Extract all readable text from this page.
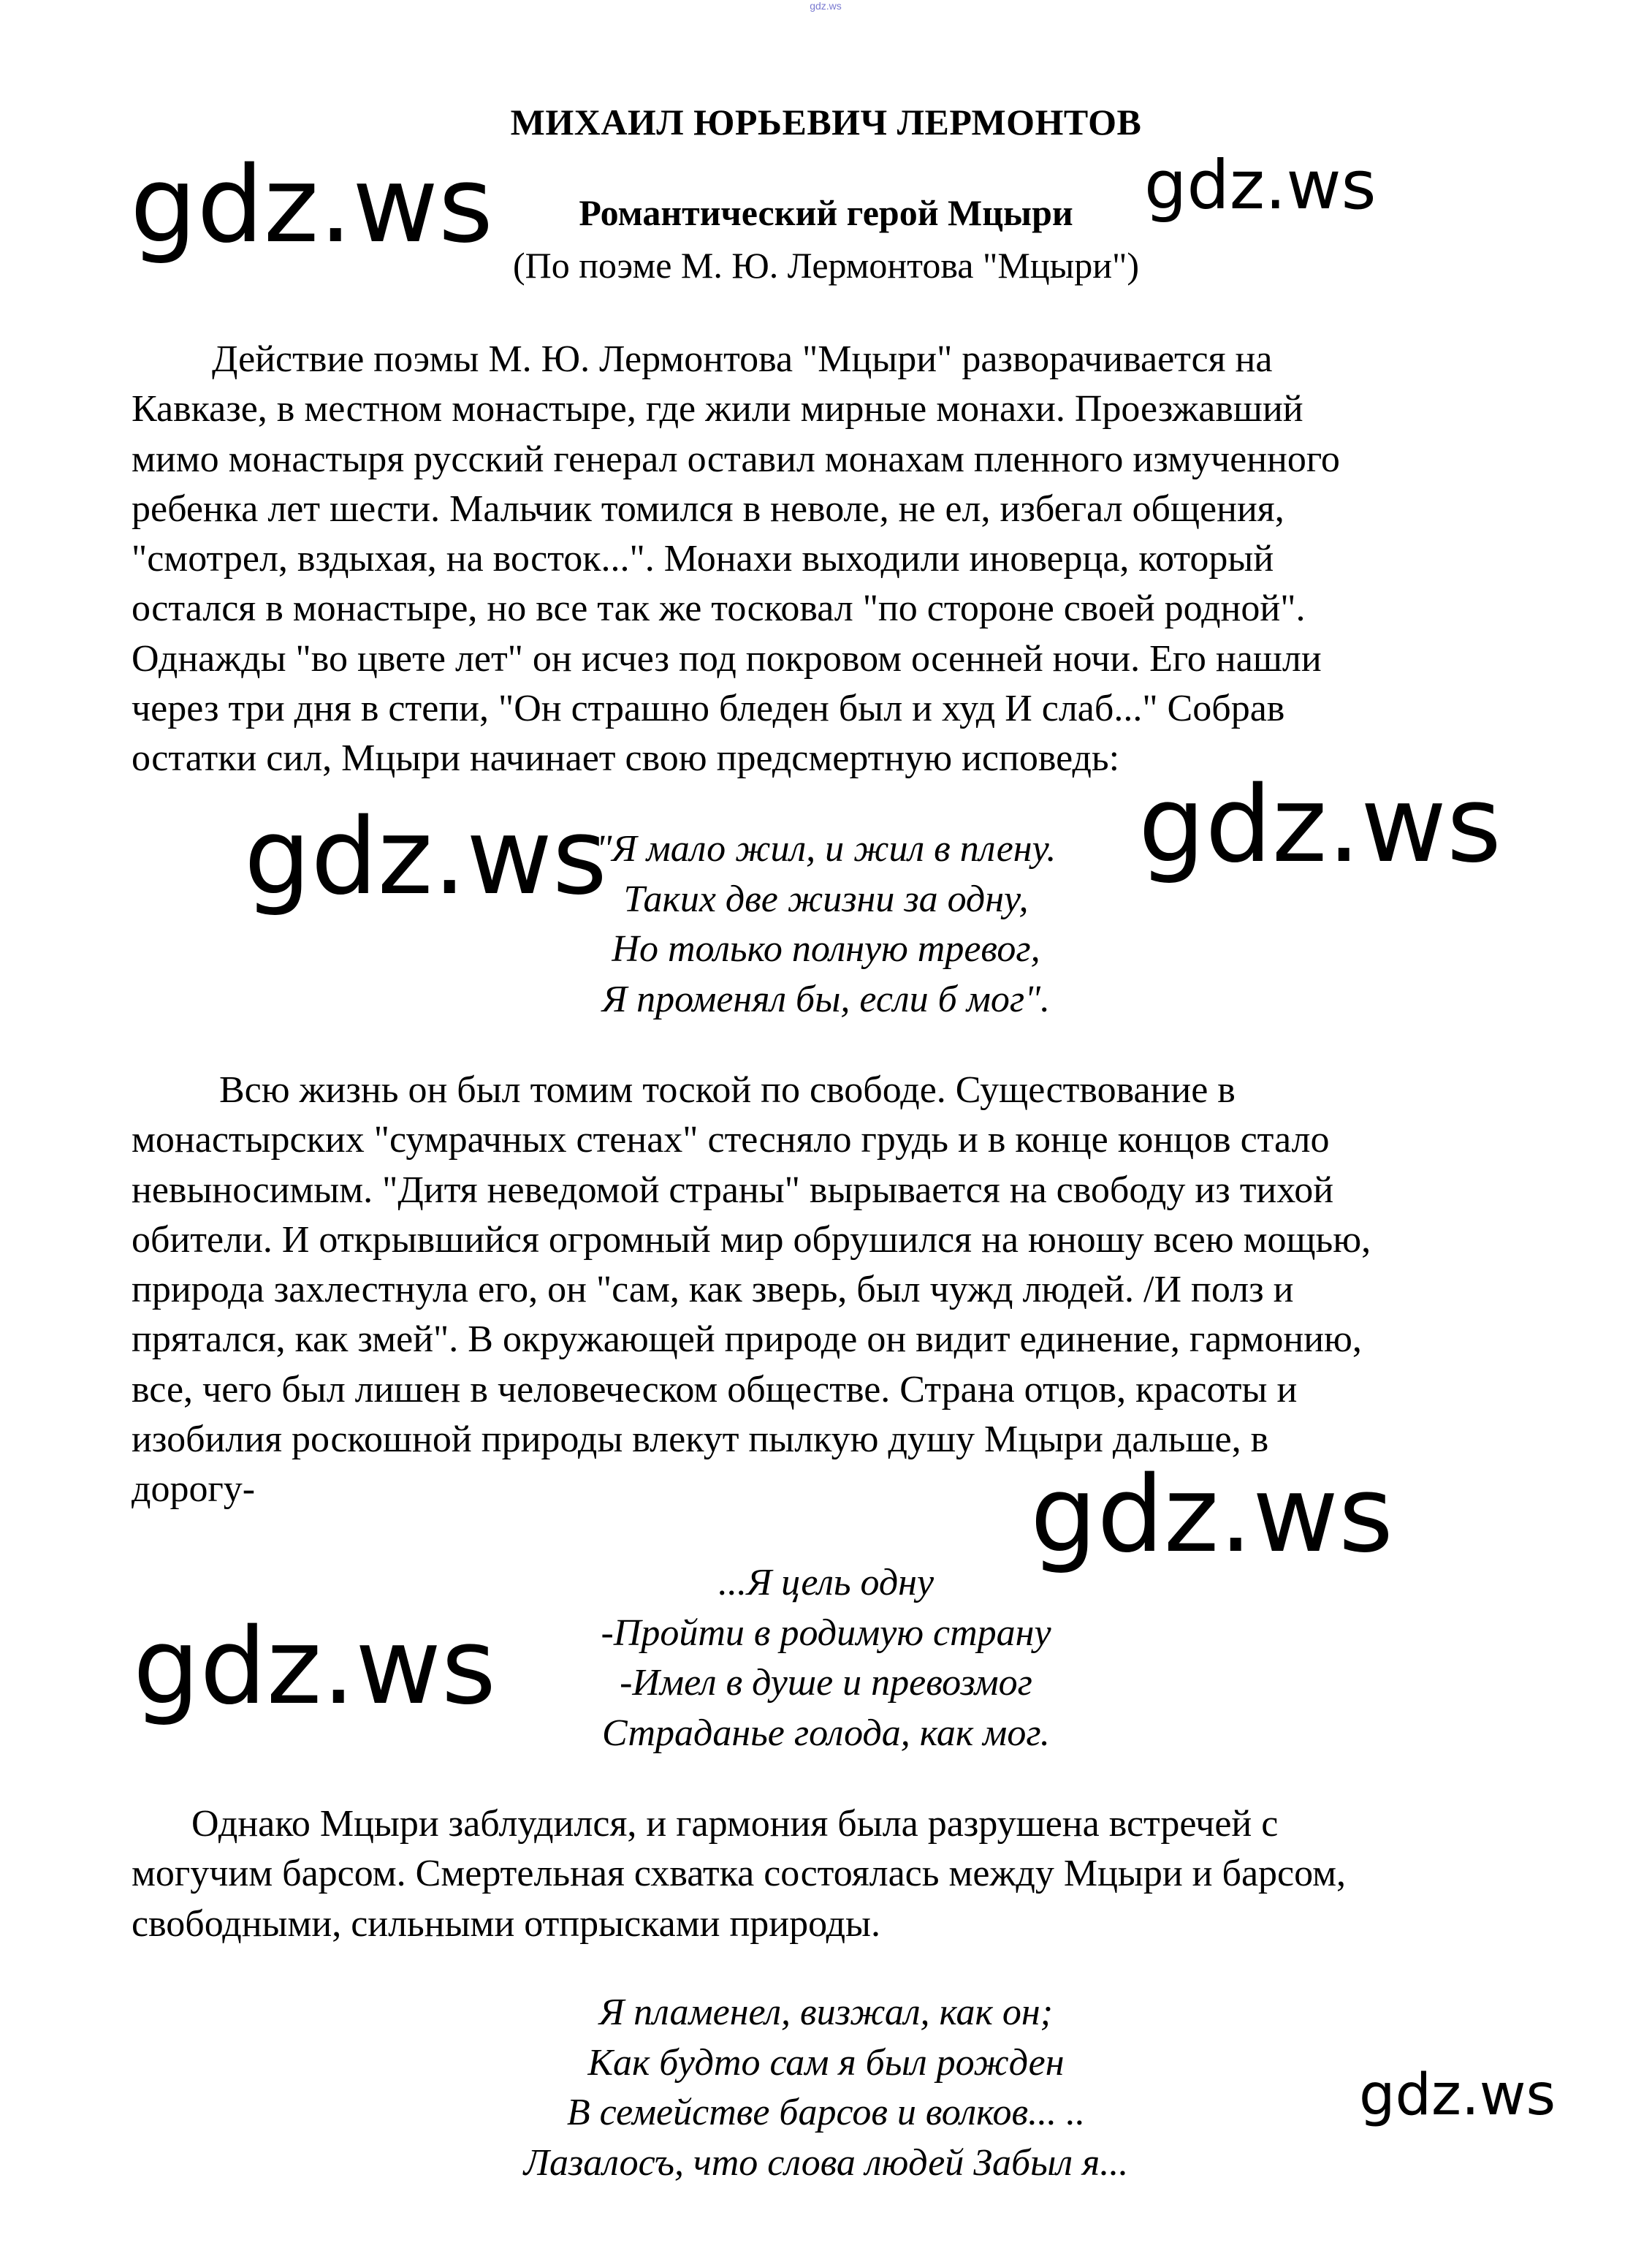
gdz.ws
МИХАИЛ ЮРЬЕВИЧ ЛЕРМОНТОВ
Романтический герой Мцыри
(По поэме М. Ю. Лермонтова "Мцыри")
Действие поэмы М. Ю. Лермонтова "Мцыри" разворачивается на
Кавказе, в местном монастыре, где жили мирные монахи. Проезжавший
мимо монастыря русский генерал оставил монахам пленного измученного
ребенка лет шести. Мальчик томился в неволе, не ел, избегал общения,
"смотрел, вздыхая, на восток...". Монахи выходили иноверца, который
остался в монастыре, но все так же тосковал "по стороне своей родной".
Однажды "во цвете лет" он исчез под покровом осенней ночи. Его нашли
через три дня в степи, "Он страшно бледен был и худ И слаб..." Собрав
остатки сил, Мцыри начинает свою предсмертную исповедь:
"Я мало жил, и жил в плену.
Таких две жизни за одну,
Но только полную тревог,
Я променял бы, если б мог".
Всю жизнь он был томим тоской по свободе. Существование в
монастырских "сумрачных стенах" стесняло грудь и в конце концов стало
невыносимым. "Дитя неведомой страны" вырывается на свободу из тихой
обители. И открывшийся огромный мир обрушился на юношу всею мощью,
природа захлестнула его, он "сам, как зверь, был чужд людей. /И полз и
прятался, как змей". В окружающей природе он видит единение, гармонию,
все, чего был лишен в человеческом обществе. Страна отцов, красоты и
изобилия роскошной природы влекут пылкую душу Мцыри дальше, в
дорогу-
...Я цель одну
-Пройти в родимую страну
-Имел в душе и превозмог
Страданье голода, как мог.
Однако Мцыри заблудился, и гармония была разрушена встречей с
могучим барсом. Смертельная схватка состоялась между Мцыри и барсом,
свободными, сильными отпрысками природы.
Я пламенел, визжал, как он;
Как будто сам я был рожден
В семействе барсов и волков... ..
Лазалосъ, что слова людей Забыл я...
gdz.ws	gdz.ws
gdz.ws	gdz.ws
gdz.ws
gdz.ws
gdz.ws
